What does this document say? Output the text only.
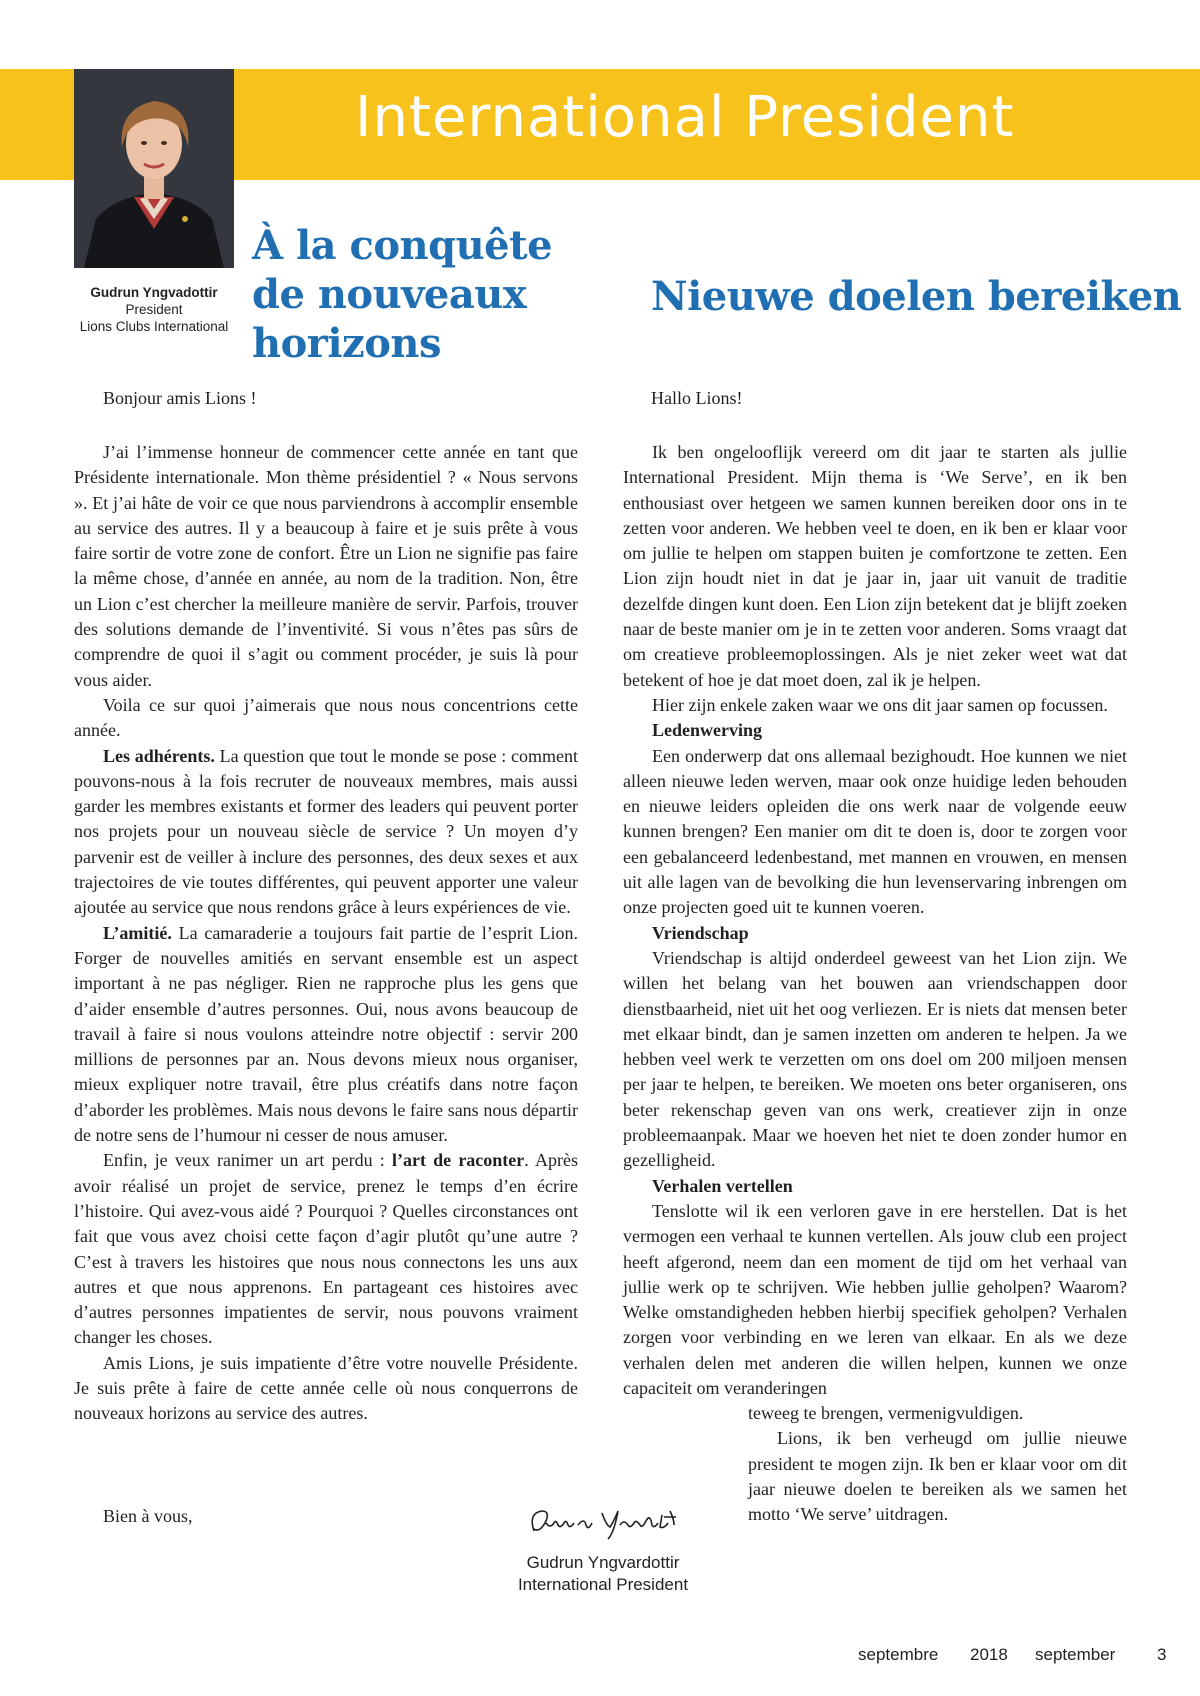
International President
Gudrun Yngvadottir
President
Lions Clubs International
À la conquête de nouveaux horizons
Nieuwe doelen bereiken
Bonjour amis Lions !	Hallo Lions!

J’ai l’immense honneur de commencer cette année en tant que Présidente internationale. Mon thème présidentiel ? « Nous servons ». Et j’ai hâte de voir ce que nous parviendrons à accomplir ensemble au service des autres. Il y a beaucoup à faire et je suis prête à vous faire sortir de votre zone de confort. Être un Lion ne signifie pas faire la même chose, d’année en année, au nom de la tradition. Non, être un Lion c’est chercher la meilleure manière de servir. Parfois, trouver des solutions demande de l’inventivité. Si vous n’êtes pas sûrs de comprendre de quoi il s’agit ou comment procéder, je suis là pour vous aider.

Voila ce sur quoi j’aimerais que nous nous concentrions cette année.

Les adhérents. La question que tout le monde se pose : comment pouvons-nous à la fois recruter de nouveaux membres, mais aussi garder les membres existants et former des leaders qui peuvent porter nos projets pour un nouveau siècle de service ? Un moyen d’y parvenir est de veiller à inclure des personnes, des deux sexes et aux trajectoires de vie toutes différentes, qui peuvent apporter une valeur ajoutée au service que nous rendons grâce à leurs expériences de vie.

L’amitié. La camaraderie a toujours fait partie de l’esprit Lion. Forger de nouvelles amitiés en servant ensemble est un aspect important à ne pas négliger. Rien ne rapproche plus les gens que d’aider ensemble d’autres personnes. Oui, nous avons beaucoup de travail à faire si nous voulons atteindre notre objectif : servir 200 millions de personnes par an. Nous devons mieux nous organiser, mieux expliquer notre travail, être plus créatifs dans notre façon d’aborder les problèmes. Mais nous devons le faire sans nous départir de notre sens de l’humour ni cesser de nous amuser.

Enfin, je veux ranimer un art perdu : l’art de raconter. Après avoir réalisé un projet de service, prenez le temps d’en écrire l’histoire. Qui avez-vous aidé ? Pourquoi ? Quelles circonstances ont fait que vous avez choisi cette façon d’agir plutôt qu’une autre ? C’est à travers les histoires que nous nous connectons les uns aux autres et que nous apprenons. En partageant ces histoires avec d’autres personnes impatientes de servir, nous pouvons vraiment changer les choses.

Amis Lions, je suis impatiente d’être votre nouvelle Présidente. Je suis prête à faire de cette année celle où nous conquerrons de nouveaux horizons au service des autres.

Bien à vous,

Ik ben ongelooflijk vereerd om dit jaar te starten als jullie International President. Mijn thema is ‘We Serve’, en ik ben enthousiast over hetgeen we samen kunnen bereiken door ons in te zetten voor anderen. We hebben veel te doen, en ik ben er klaar voor om jullie te helpen om stappen buiten je comfortzone te zetten. Een Lion zijn houdt niet in dat je jaar in, jaar uit vanuit de traditie dezelfde dingen kunt doen. Een Lion zijn betekent dat je blijft zoeken naar de beste manier om je in te zetten voor anderen. Soms vraagt dat om creatieve probleemoplossingen. Als je niet zeker weet wat dat betekent of hoe je dat moet doen, zal ik je helpen.

Hier zijn enkele zaken waar we ons dit jaar samen op focussen.

Ledenwerving

Een onderwerp dat ons allemaal bezighoudt. Hoe kunnen we niet alleen nieuwe leden werven, maar ook onze huidige leden behouden en nieuwe leiders opleiden die ons werk naar de volgende eeuw kunnen brengen? Een manier om dit te doen is, door te zorgen voor een gebalanceerd ledenbestand, met mannen en vrouwen, en mensen uit alle lagen van de bevolking die hun levenservaring inbrengen om onze projecten goed uit te kunnen voeren.

Vriendschap

Vriendschap is altijd onderdeel geweest van het Lion zijn. We willen het belang van het bouwen aan vriendschappen door dienstbaarheid, niet uit het oog verliezen. Er is niets dat mensen beter met elkaar bindt, dan je samen inzetten om anderen te helpen. Ja we hebben veel werk te verzetten om ons doel om 200 miljoen mensen per jaar te helpen, te bereiken. We moeten ons beter organiseren, ons beter rekenschap geven van ons werk, creatiever zijn in onze probleemaanpak. Maar we hoeven het niet te doen zonder humor en gezelligheid.

Verhalen vertellen

Tenslotte wil ik een verloren gave in ere herstellen. Dat is het vermogen een verhaal te kunnen vertellen. Als jouw club een project heeft afgerond, neem dan een moment de tijd om het verhaal van jullie werk op te schrijven. Wie hebben jullie geholpen? Waarom? Welke omstandigheden hebben hierbij specifiek geholpen? Verhalen zorgen voor verbinding en we leren van elkaar. En als we deze verhalen delen met anderen die willen helpen, kunnen we onze capaciteit om veranderingen

teweeg te brengen, vermenigvuldigen.

Lions, ik ben verheugd om jullie nieuwe president te mogen zijn. Ik ben er klaar voor om dit jaar nieuwe doelen te bereiken als we samen het motto ‘We serve’ uitdragen.

Gudrun Yngvardottir
International President
septembre 2018 september 3
